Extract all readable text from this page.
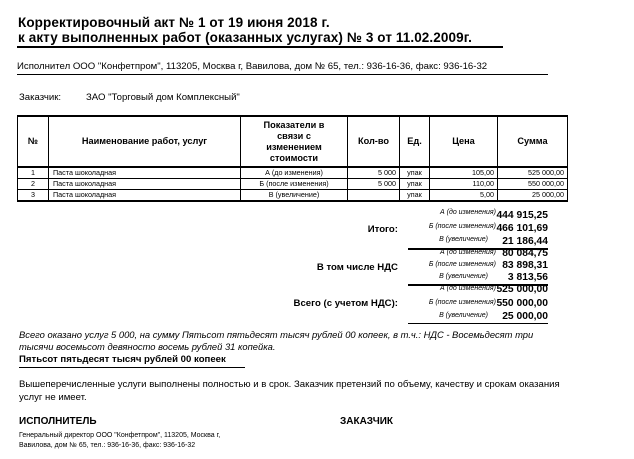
Корректировочный акт № 1 от 19 июня 2018 г.
к акту выполненных работ (оказанных услугах) № 3 от 11.02.2009г.
Исполнител ООО "Конфетпром", 113205, Москва г, Вавилова, дом № 65, тел.: 936-16-36, факс: 936-16-32
Заказчик:	ЗАО "Торговый дом Комплексный"
№	Наименование работ, услуг	Показатели в
связи с
изменением
стоимости	Кол-во	Ед.	Цена	Сумма
1	Паста шоколадная	А (до изменения)	5 000	упак	105,00	525 000,00
2	Паста шоколадная	Б (после изменения)	5 000	упак	110,00	550 000,00
3	Паста шоколадная	В (увеличение)		упак	5,00	25 000,00
Итого:
А (до изменения) 444 915,25
Б (после изменения) 466 101,69
В (увеличение) 21 186,44
В том числе НДС
А (до изменения) 80 084,75
Б (после изменения) 83 898,31
В (увеличение) 3 813,56
Всего (с учетом НДС):
А (до изменения) 525 000,00
Б (после изменения) 550 000,00
В (увеличение) 25 000,00
Всего оказано услуг 5 000, на сумму Пятьсот пятьдесят тысяч рублей 00 копеек, в т.ч.: НДС - Восемьдесят три
тысячи восемьсот девяносто восемь рублей 31 копейка.
Пятьсот пятьдесят тысяч рублей 00 копеек
Вышеперечисленные услуги выполнены полностью и в срок. Заказчик претензий по объему, качеству и срокам оказания
услуг не имеет.
ИСПОЛНИТЕЛЬ	ЗАКАЗЧИК
Генеральный директор ООО "Конфетпром", 113205, Москва г,
Вавилова, дом № 65, тел.: 936-16-36, факс: 936-16-32
